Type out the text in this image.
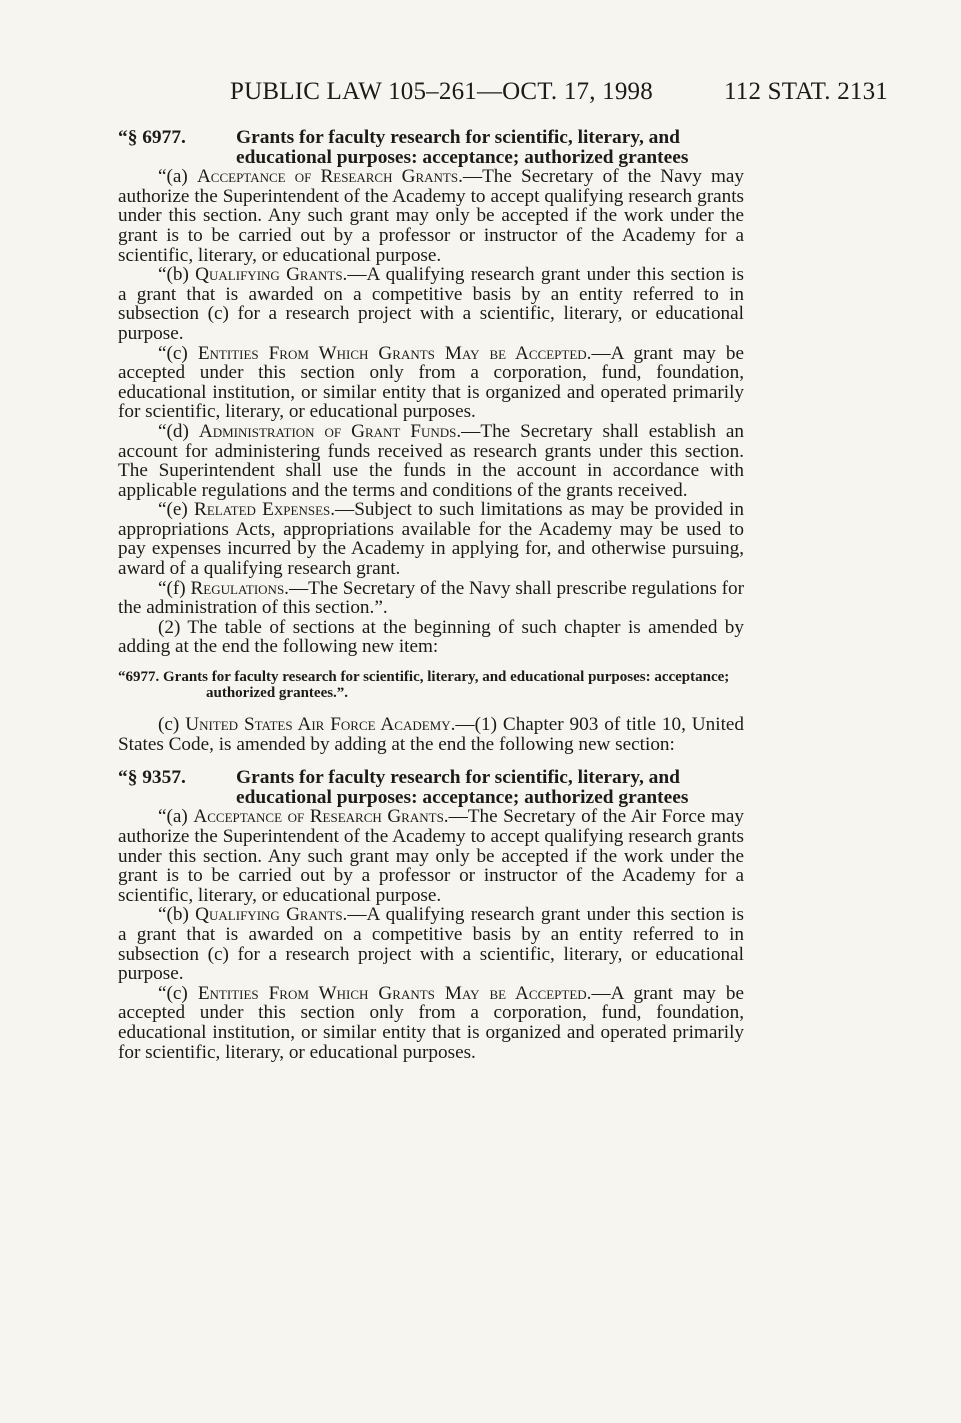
PUBLIC LAW 105–261—OCT. 17, 1998	112 STAT. 2131
“§ 6977.	Grants for faculty research for scientific, literary, and educational purposes: acceptance; authorized grantees

“(a) Acceptance of Research Grants.—The Secretary of the Navy may authorize the Superintendent of the Academy to accept qualifying research grants under this section. Any such grant may only be accepted if the work under the grant is to be carried out by a professor or instructor of the Academy for a scientific, literary, or educational purpose.

“(b) Qualifying Grants.—A qualifying research grant under this section is a grant that is awarded on a competitive basis by an entity referred to in subsection (c) for a research project with a scientific, literary, or educational purpose.

“(c) Entities From Which Grants May be Accepted.—A grant may be accepted under this section only from a corporation, fund, foundation, educational institution, or similar entity that is organized and operated primarily for scientific, literary, or educational purposes.

“(d) Administration of Grant Funds.—The Secretary shall establish an account for administering funds received as research grants under this section. The Superintendent shall use the funds in the account in accordance with applicable regulations and the terms and conditions of the grants received.

“(e) Related Expenses.—Subject to such limitations as may be provided in appropriations Acts, appropriations available for the Academy may be used to pay expenses incurred by the Academy in applying for, and otherwise pursuing, award of a qualifying research grant.

“(f) Regulations.—The Secretary of the Navy shall prescribe regulations for the administration of this section.”.

(2) The table of sections at the beginning of such chapter is amended by adding at the end the following new item:

“6977. Grants for faculty research for scientific, literary, and educational purposes: acceptance; authorized grantees.”.

(c) United States Air Force Academy.—(1) Chapter 903 of title 10, United States Code, is amended by adding at the end the following new section:

“§ 9357.	Grants for faculty research for scientific, literary, and educational purposes: acceptance; authorized grantees

“(a) Acceptance of Research Grants.—The Secretary of the Air Force may authorize the Superintendent of the Academy to accept qualifying research grants under this section. Any such grant may only be accepted if the work under the grant is to be carried out by a professor or instructor of the Academy for a scientific, literary, or educational purpose.

“(b) Qualifying Grants.—A qualifying research grant under this section is a grant that is awarded on a competitive basis by an entity referred to in subsection (c) for a research project with a scientific, literary, or educational purpose.

“(c) Entities From Which Grants May be Accepted.—A grant may be accepted under this section only from a corporation, fund, foundation, educational institution, or similar entity that is organized and operated primarily for scientific, literary, or educational purposes.
